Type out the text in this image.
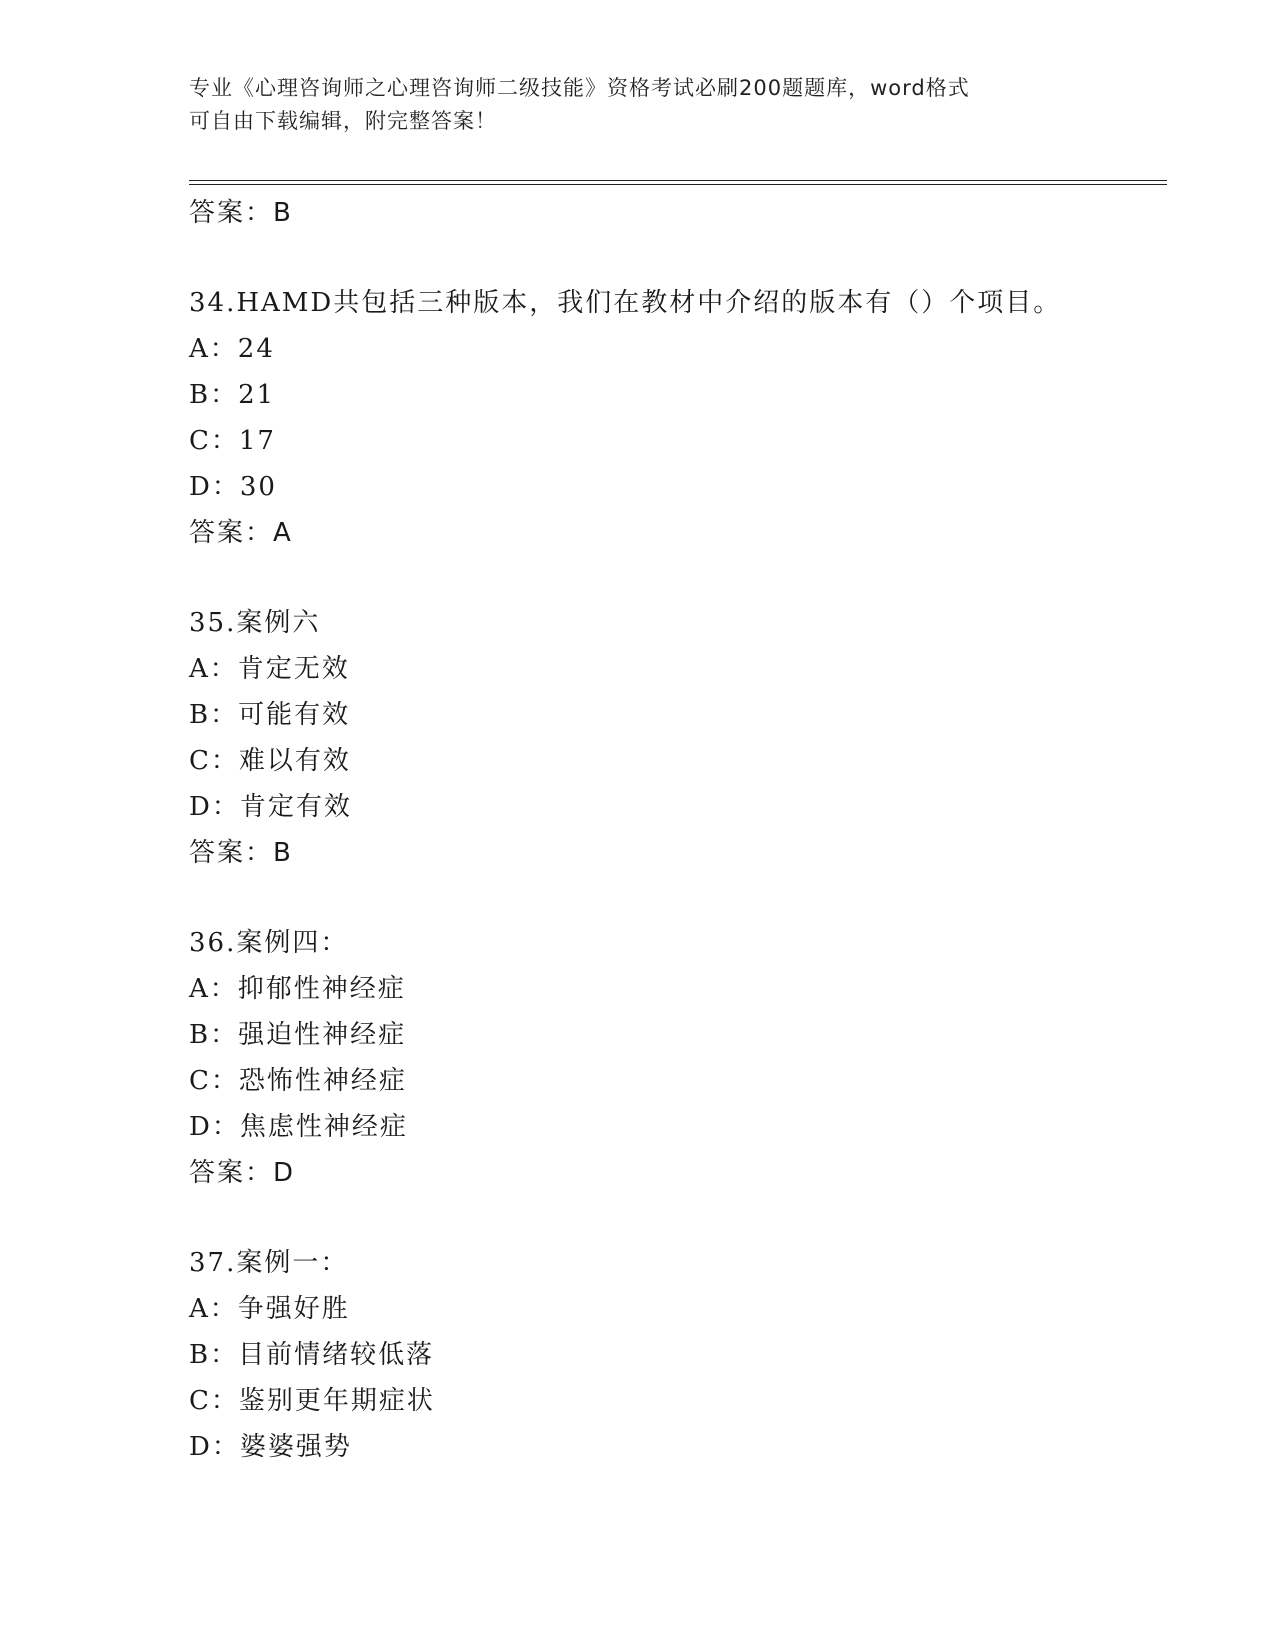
专业《心理咨询师之心理咨询师二级技能》资格考试必刷200题题库，word格式
可自由下载编辑，附完整答案！
答案：B
34.HAMD共包括三种版本，我们在教材中介绍的版本有（）个项目。
A：24
B：21
C：17
D：30
答案：A
35.案例六
A：肯定无效
B：可能有效
C：难以有效
D：肯定有效
答案：B
36.案例四：
A：抑郁性神经症
B：强迫性神经症
C：恐怖性神经症
D：焦虑性神经症
答案：D
37.案例一：
A：争强好胜
B：目前情绪较低落
C：鉴别更年期症状
D：婆婆强势
